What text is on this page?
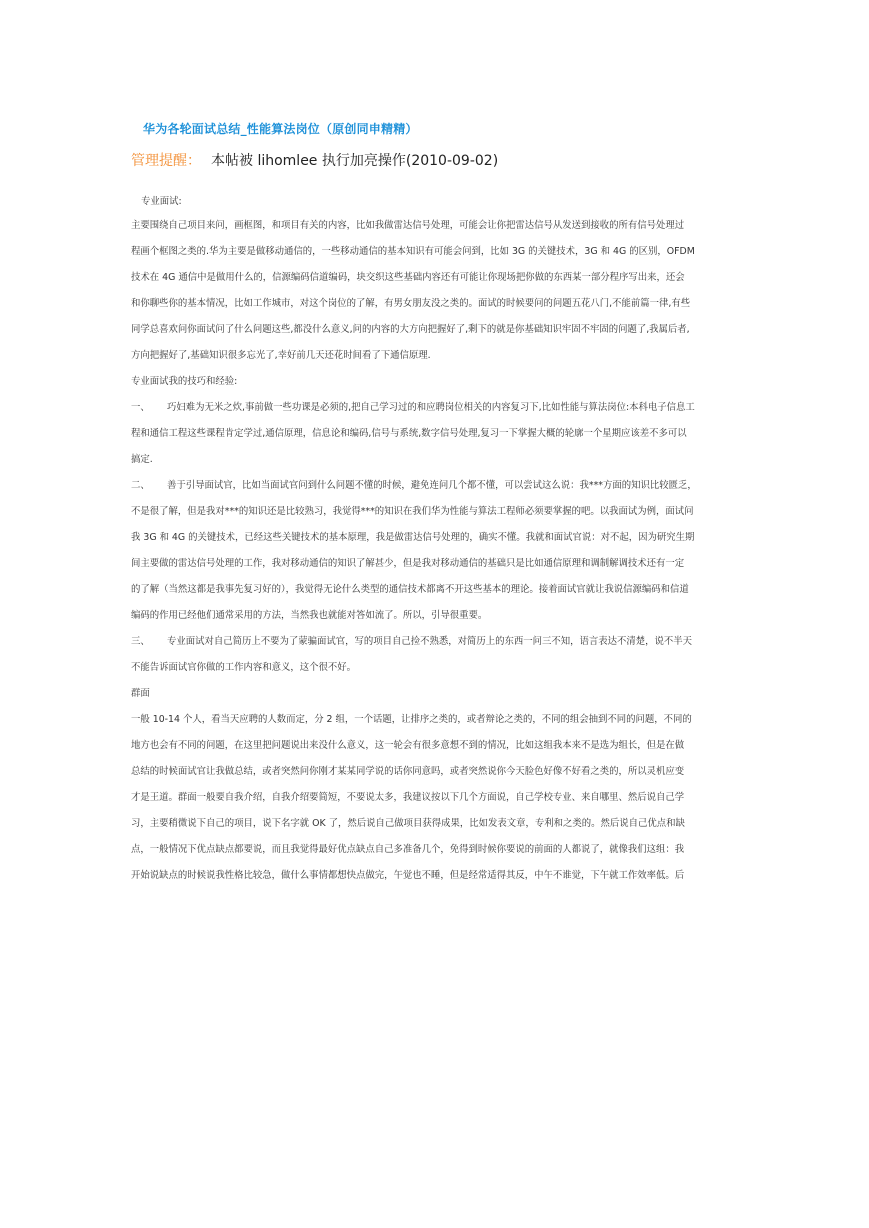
华为各轮面试总结_性能算法岗位（原创同申精精）
管理提醒： 本帖被 lihomlee 执行加亮操作(2010-09-02)
专业面试:
主要围绕自己项目来问，画框图，和项目有关的内容，比如我做雷达信号处理，可能会让你把雷达信号从发送到接收的所有信号处理过
程画个框图之类的.华为主要是做移动通信的，一些移动通信的基本知识有可能会问到，比如 3G 的关键技术，3G 和 4G 的区别，OFDM
技术在 4G 通信中是做用什么的，信源编码信道编码，块交织这些基础内容还有可能让你现场把你做的东西某一部分程序写出来，还会
和你聊些你的基本情况，比如工作城市，对这个岗位的了解，有男女朋友没之类的。面试的时候要问的问题五花八门,不能前篇一律,有些
同学总喜欢问你面试问了什么问题这些,都没什么意义,问的内容的大方向把握好了,剩下的就是你基础知识牢固不牢固的问题了,我属后者,
方向把握好了,基础知识很多忘光了,幸好前几天还花时间看了下通信原理.
专业面试我的技巧和经验:
一、 巧妇难为无米之炊,事前做一些功课是必须的,把自己学习过的和应聘岗位相关的内容复习下,比如性能与算法岗位:本科电子信息工
程和通信工程这些课程肯定学过,通信原理，信息论和编码,信号与系统,数字信号处理,复习一下掌握大概的轮廓一个星期应该差不多可以
搞定.
二、 善于引导面试官，比如当面试官问到什么问题不懂的时候，避免连问几个都不懂，可以尝试这么说：我***方面的知识比较匮乏，
不是很了解，但是我对***的知识还是比较熟习，我觉得***的知识在我们华为性能与算法工程师必须要掌握的吧。以我面试为例，面试问
我 3G 和 4G 的关键技术，已经这些关键技术的基本原理，我是做雷达信号处理的，确实不懂。我就和面试官说：对不起，因为研究生期
间主要做的雷达信号处理的工作，我对移动通信的知识了解甚少，但是我对移动通信的基础只是比如通信原理和调制解调技术还有一定
的了解（当然这都是我事先复习好的），我觉得无论什么类型的通信技术都离不开这些基本的理论。接着面试官就让我说信源编码和信道
编码的作用已经他们通常采用的方法，当然我也就能对答如流了。所以，引导很重要。
三、 专业面试对自己简历上不要为了蒙骗面试官，写的项目自己捡不熟悉，对简历上的东西一问三不知，语言表达不清楚，说不半天
不能告诉面试官你做的工作内容和意义，这个很不好。
群面
一般 10-14 个人，看当天应聘的人数而定，分 2 组，一个话题，让排序之类的，或者辩论之类的，不同的组会抽到不同的问题，不同的
地方也会有不同的问题，在这里把问题说出来没什么意义，这一轮会有很多意想不到的情况，比如这组我本来不是选为组长，但是在做
总结的时候面试官让我做总结，或者突然问你刚才某某同学说的话你同意吗，或者突然说你今天脸色好像不好看之类的，所以灵机应变
才是王道。群面一般要自我介绍，自我介绍要简短，不要说太多，我建议按以下几个方面说，自己学校专业、来自哪里、然后说自己学
习，主要稍微说下自己的项目，说下名字就 OK 了，然后说自己做项目获得成果，比如发表文章，专利和之类的。然后说自己优点和缺
点，一般情况下优点缺点都要说，而且我觉得最好优点缺点自己多准备几个，免得到时候你要说的前面的人都说了，就像我们这组：我
开始说缺点的时候说我性格比较急，做什么事情都想快点做完，午觉也不睡，但是经常适得其反，中午不谁觉，下午就工作效率低。后
